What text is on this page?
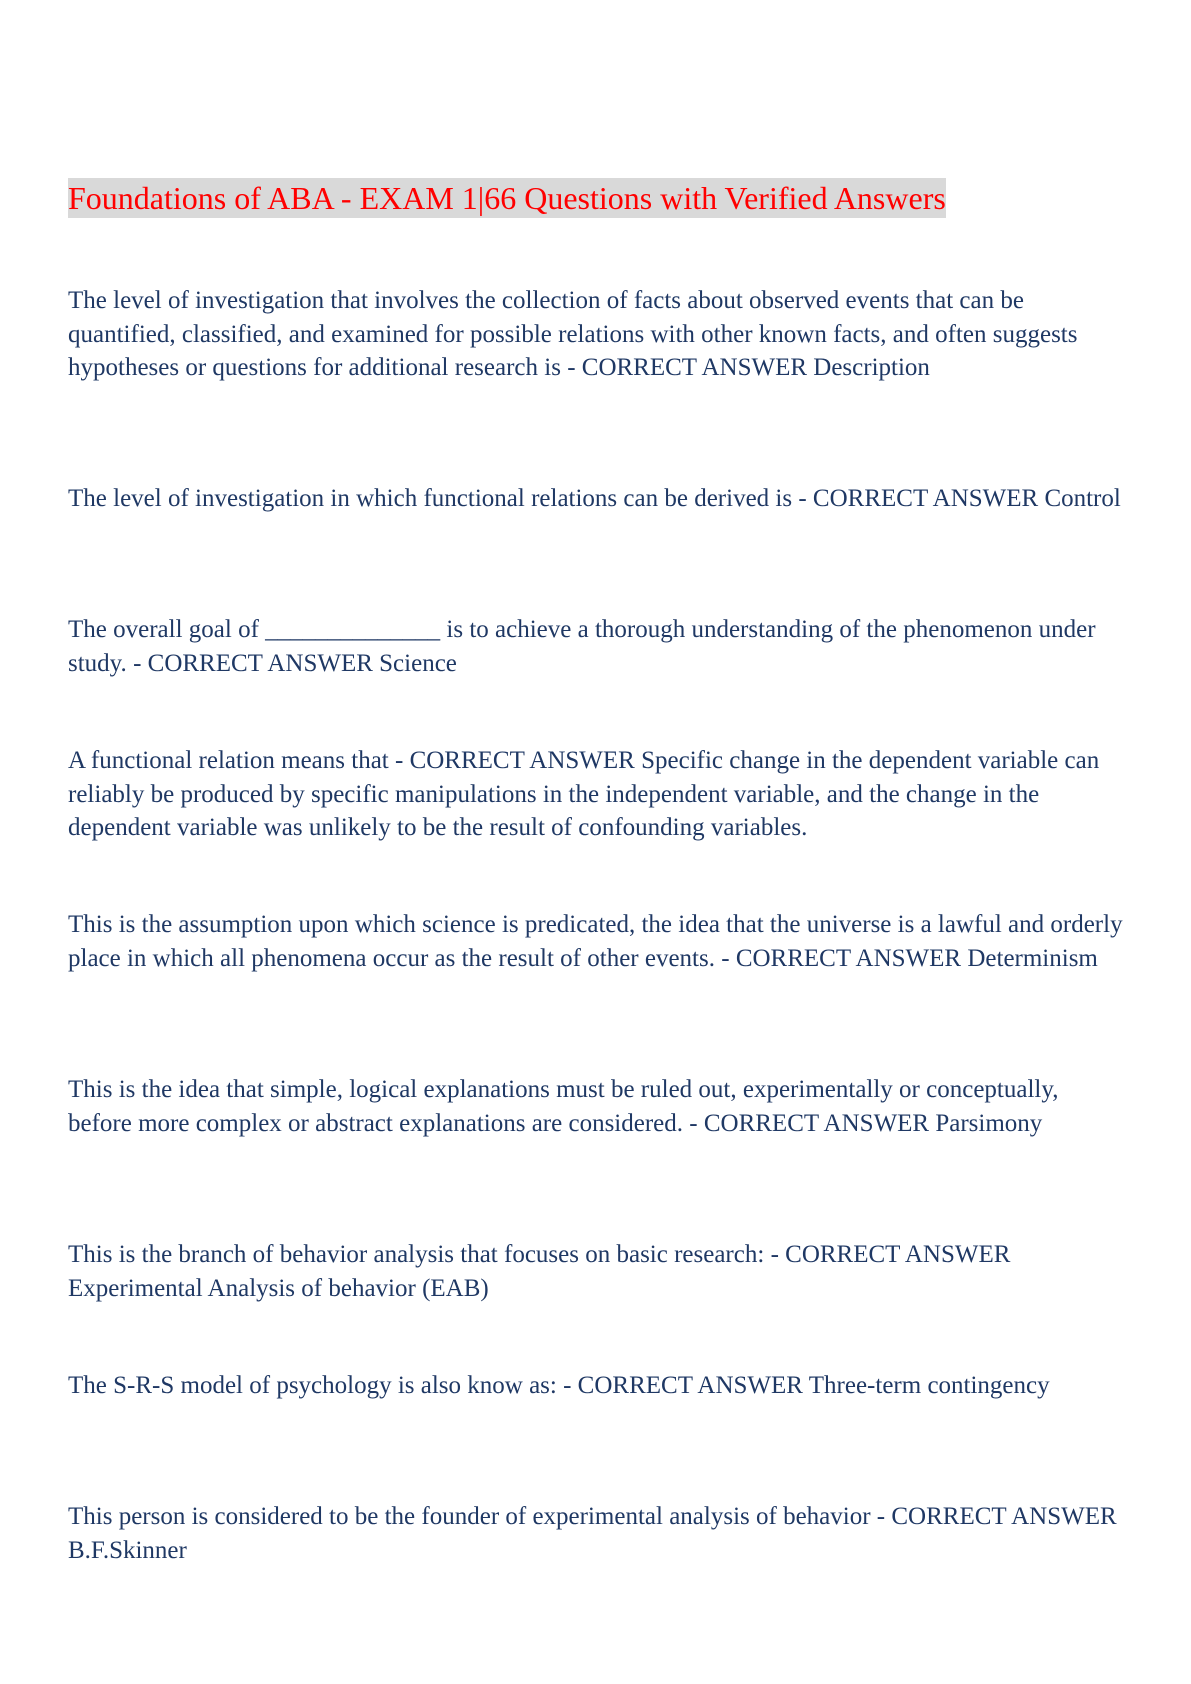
Foundations of ABA - EXAM 1|66 Questions with Verified Answers

The level of investigation that involves the collection of facts about observed events that can be quantified, classified, and examined for possible relations with other known facts, and often suggests hypotheses or questions for additional research is - CORRECT ANSWER Description

The level of investigation in which functional relations can be derived is - CORRECT ANSWER Control

The overall goal of ______________ is to achieve a thorough understanding of the phenomenon under study. - CORRECT ANSWER Science

A functional relation means that - CORRECT ANSWER Specific change in the dependent variable can reliably be produced by specific manipulations in the independent variable, and the change in the dependent variable was unlikely to be the result of confounding variables.

This is the assumption upon which science is predicated, the idea that the universe is a lawful and orderly place in which all phenomena occur as the result of other events. - CORRECT ANSWER Determinism

This is the idea that simple, logical explanations must be ruled out, experimentally or conceptually, before more complex or abstract explanations are considered. - CORRECT ANSWER Parsimony

This is the branch of behavior analysis that focuses on basic research: - CORRECT ANSWER Experimental Analysis of behavior (EAB)

The S-R-S model of psychology is also know as: - CORRECT ANSWER Three-term contingency

This person is considered to be the founder of experimental analysis of behavior - CORRECT ANSWER B.F.Skinner
